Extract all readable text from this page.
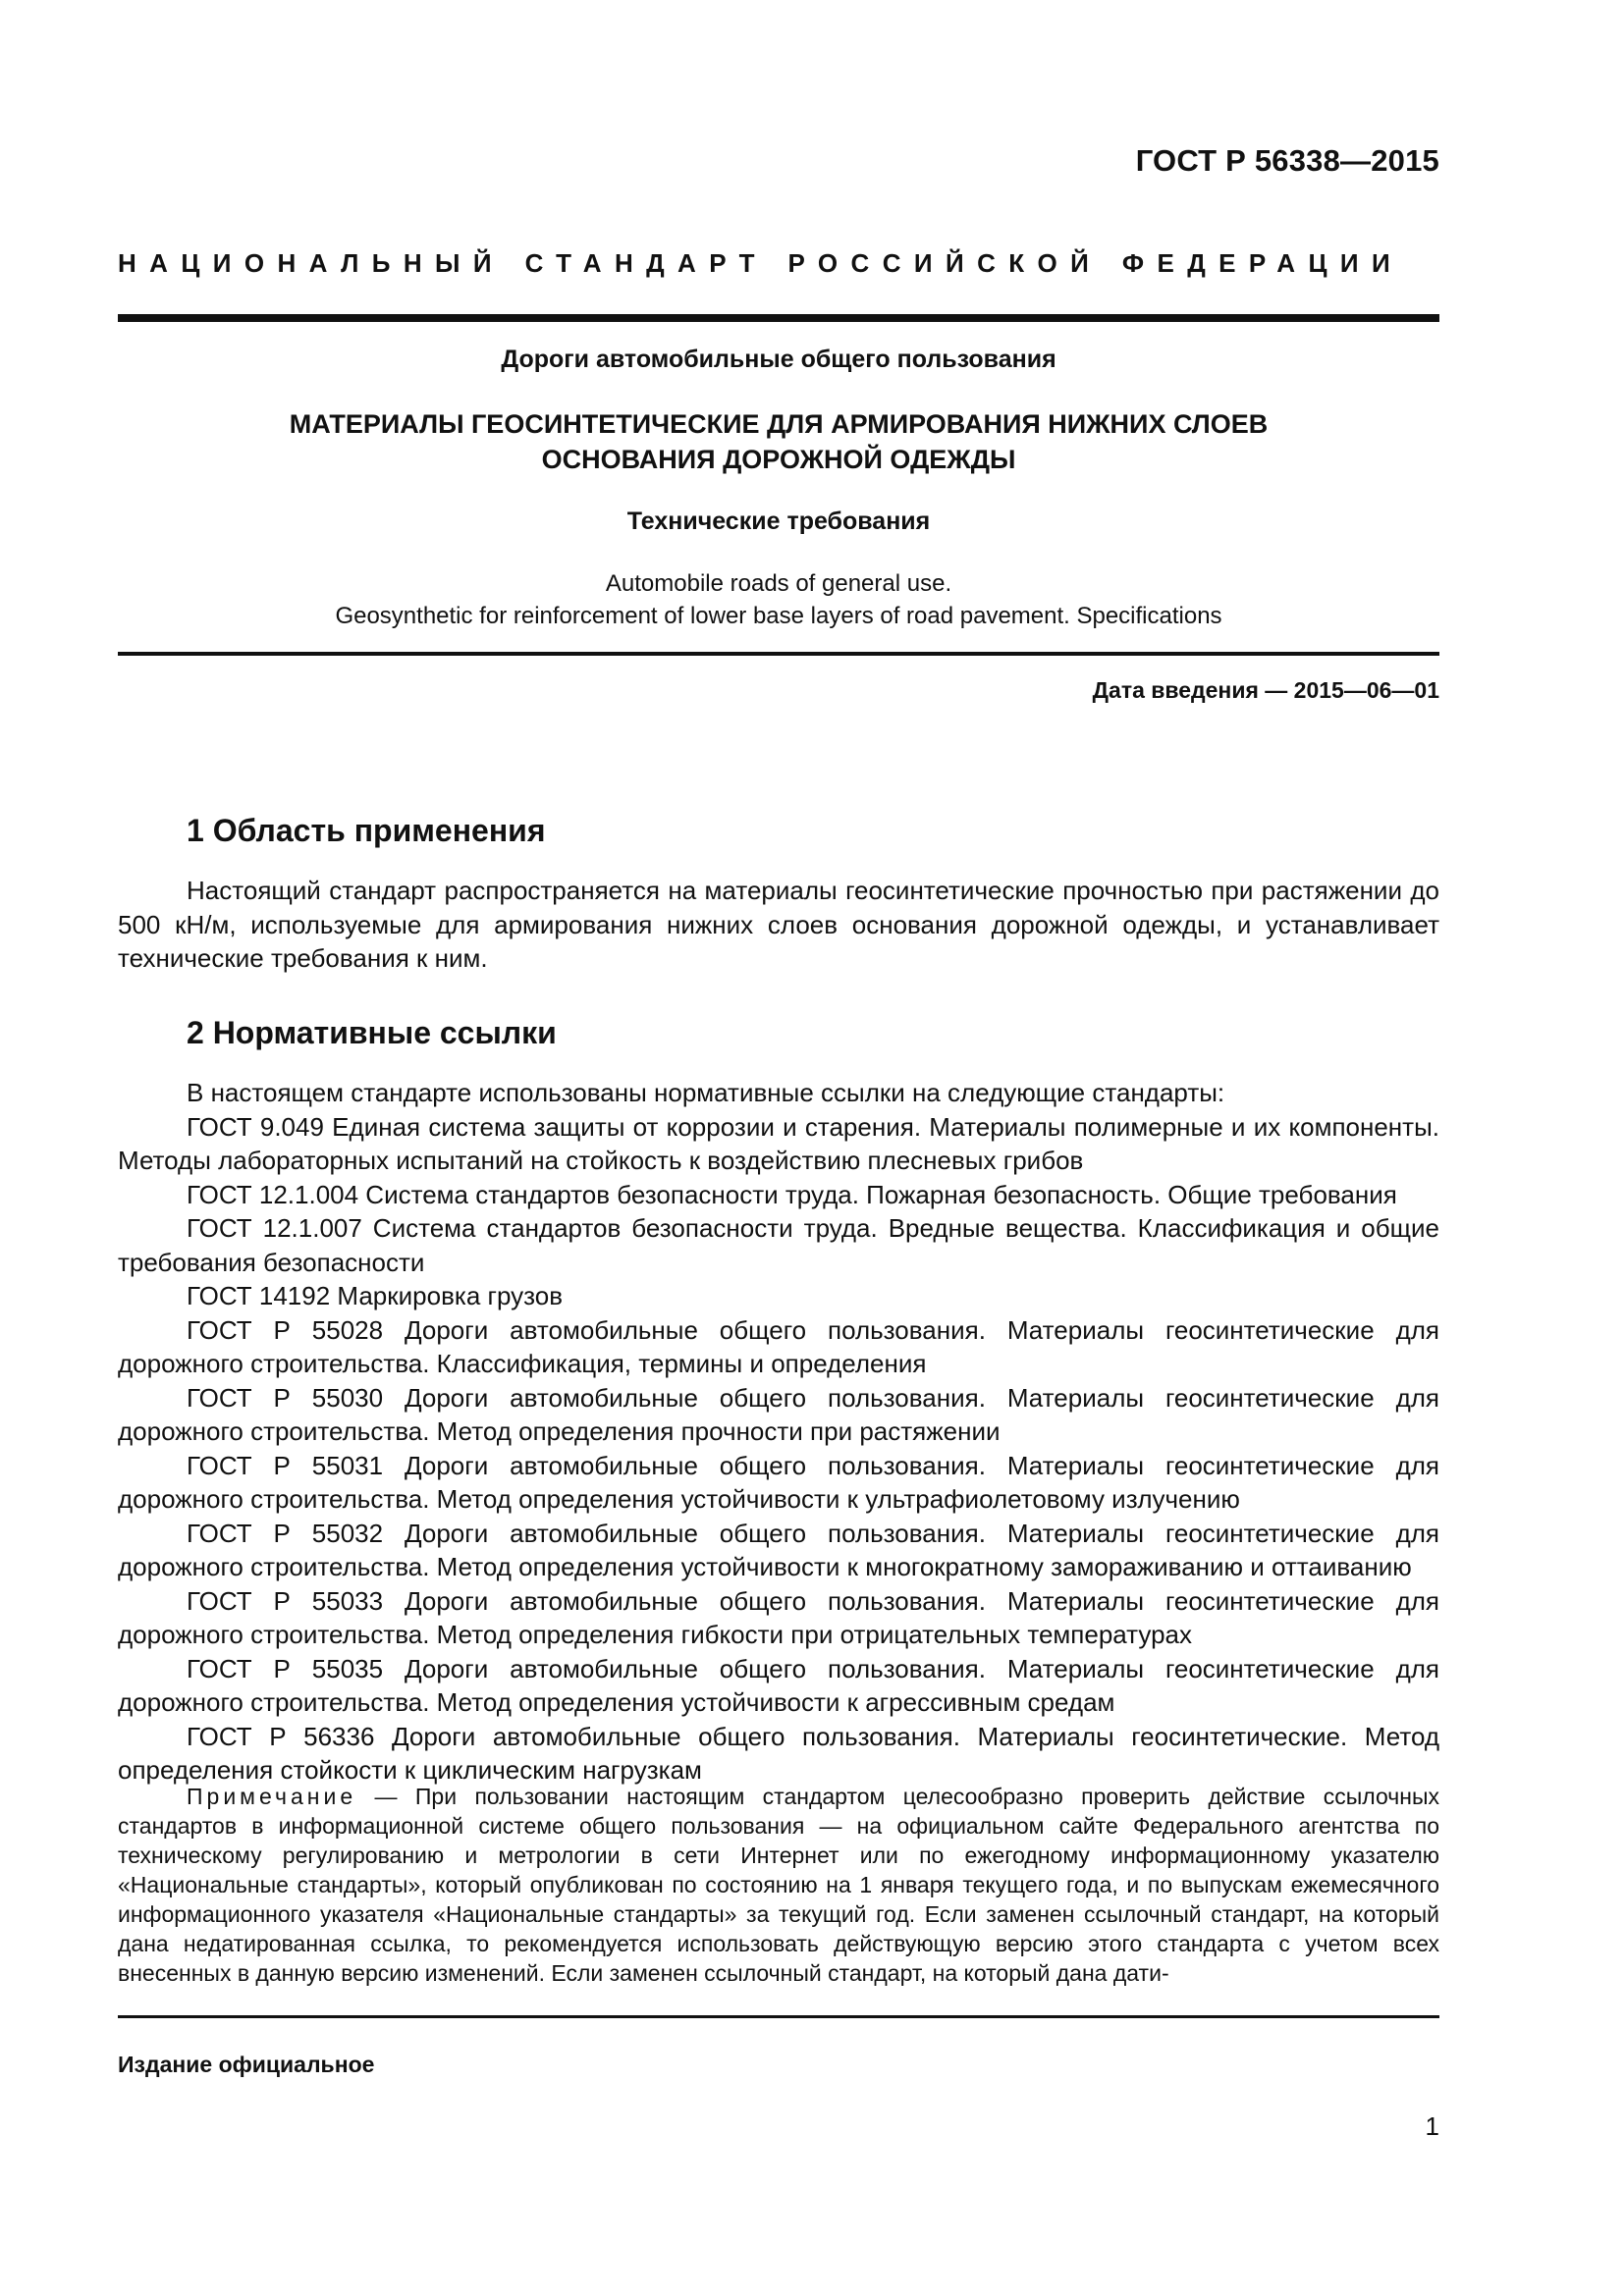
ГОСТ Р 56338—2015
НАЦИОНАЛЬНЫЙ СТАНДАРТ РОССИЙСКОЙ ФЕДЕРАЦИИ
Дороги автомобильные общего пользования
МАТЕРИАЛЫ ГЕОСИНТЕТИЧЕСКИЕ ДЛЯ АРМИРОВАНИЯ НИЖНИХ СЛОЕВ
ОСНОВАНИЯ ДОРОЖНОЙ ОДЕЖДЫ
Технические требования
Automobile roads of general use.
Geosynthetic for reinforcement of lower base layers of road pavement. Specifications
Дата введения — 2015—06—01
1 Область применения

Настоящий стандарт распространяется на материалы геосинтетические прочностью при растяжении до 500 кН/м, используемые для армирования нижних слоев основания дорожной одежды, и устанавливает технические требования к ним.

2 Нормативные ссылки

В настоящем стандарте использованы нормативные ссылки на следующие стандарты:

ГОСТ 9.049 Единая система защиты от коррозии и старения. Материалы полимерные и их компоненты. Методы лабораторных испытаний на стойкость к воздействию плесневых грибов

ГОСТ 12.1.004 Система стандартов безопасности труда. Пожарная безопасность. Общие требования

ГОСТ 12.1.007 Система стандартов безопасности труда. Вредные вещества. Классификация и общие требования безопасности

ГОСТ 14192 Маркировка грузов

ГОСТ Р 55028 Дороги автомобильные общего пользования. Материалы геосинтетические для дорожного строительства. Классификация, термины и определения

ГОСТ Р 55030 Дороги автомобильные общего пользования. Материалы геосинтетические для дорожного строительства. Метод определения прочности при растяжении

ГОСТ Р 55031 Дороги автомобильные общего пользования. Материалы геосинтетические для дорожного строительства. Метод определения устойчивости к ультрафиолетовому излучению

ГОСТ Р 55032 Дороги автомобильные общего пользования. Материалы геосинтетические для дорожного строительства. Метод определения устойчивости к многократному замораживанию и оттаиванию

ГОСТ Р 55033 Дороги автомобильные общего пользования. Материалы геосинтетические для дорожного строительства. Метод определения гибкости при отрицательных температурах

ГОСТ Р 55035 Дороги автомобильные общего пользования. Материалы геосинтетические для дорожного строительства. Метод определения устойчивости к агрессивным средам

ГОСТ Р 56336 Дороги автомобильные общего пользования. Материалы геосинтетические. Метод определения стойкости к циклическим нагрузкам

Примечание — При пользовании настоящим стандартом целесообразно проверить действие ссылочных стандартов в информационной системе общего пользования — на официальном сайте Федерального агентства по техническому регулированию и метрологии в сети Интернет или по ежегодному информационному указателю «Национальные стандарты», который опубликован по состоянию на 1 января текущего года, и по выпускам ежемесячного информационного указателя «Национальные стандарты» за текущий год. Если заменен ссылочный стандарт, на который дана недатированная ссылка, то рекомендуется использовать действующую версию этого стандарта с учетом всех внесенных в данную версию изменений. Если заменен ссылочный стандарт, на который дана дати-

Издание официальное
1
